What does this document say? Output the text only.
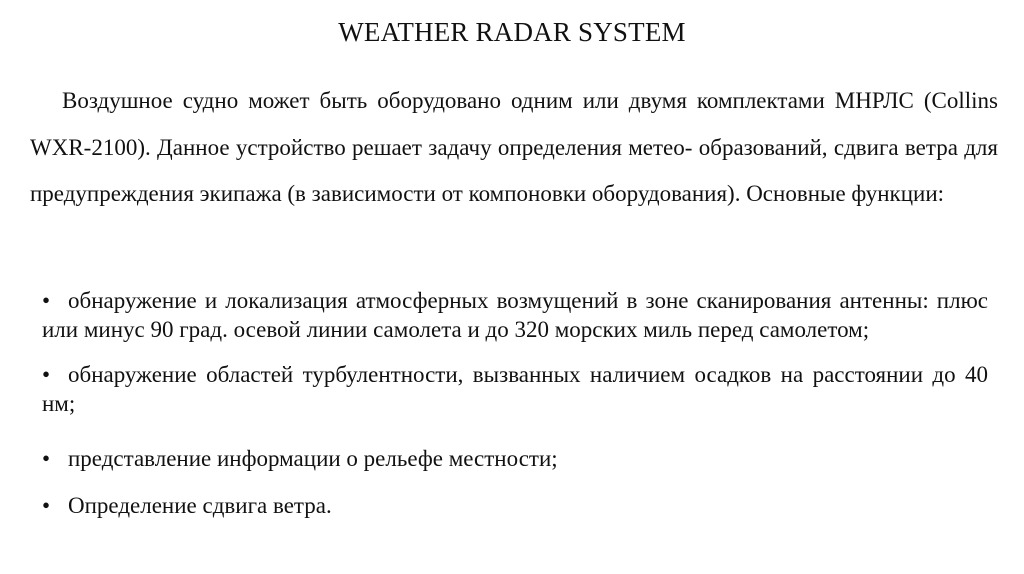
WEATHER RADAR SYSTEM

Воздушное судно может быть оборудовано одним или двумя комплектами МНРЛС (Collins WXR-2100). Данное устройство решает задачу определения метео- образований, сдвига ветра для предупреждения экипажа (в зависимости от компоновки оборудования). Основные функции:

• обнаружение и локализация атмосферных возмущений в зоне сканирования антенны: плюс или минус 90 град. осевой линии самолета и до 320 морских миль перед самолетом;
• обнаружение областей турбулентности, вызванных наличием осадков на расстоянии до 40 нм;
• представление информации о рельефе местности;
• Определение сдвига ветра.
